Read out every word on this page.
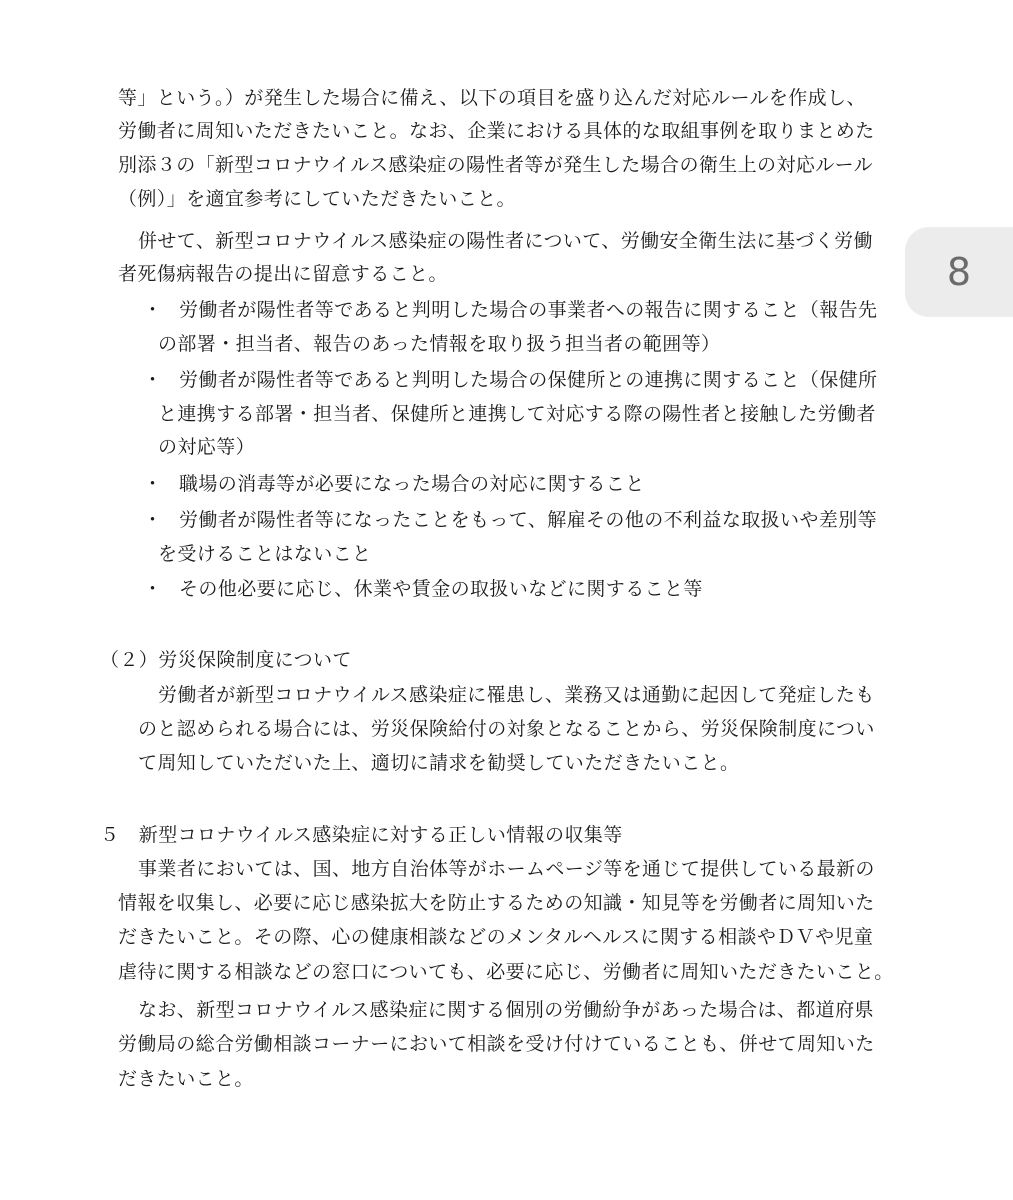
8
等」という。）が発生した場合に備え、以下の項目を盛り込んだ対応ルールを作成し、
労働者に周知いただきたいこと。なお、企業における具体的な取組事例を取りまとめた
別添３の「新型コロナウイルス感染症の陽性者等が発生した場合の衛生上の対応ルール
（例）」を適宜参考にしていただきたいこと。
併せて、新型コロナウイルス感染症の陽性者について、労働安全衛生法に基づく労働
者死傷病報告の提出に留意すること。
・ 労働者が陽性者等であると判明した場合の事業者への報告に関すること（報告先
の部署・担当者、報告のあった情報を取り扱う担当者の範囲等）
・ 労働者が陽性者等であると判明した場合の保健所との連携に関すること（保健所
と連携する部署・担当者、保健所と連携して対応する際の陽性者と接触した労働者
の対応等）
・ 職場の消毒等が必要になった場合の対応に関すること
・ 労働者が陽性者等になったことをもって、解雇その他の不利益な取扱いや差別等
を受けることはないこと
・ その他必要に応じ、休業や賃金の取扱いなどに関すること等
（２）労災保険制度について
労働者が新型コロナウイルス感染症に罹患し、業務又は通勤に起因して発症したも
のと認められる場合には、労災保険給付の対象となることから、労災保険制度につい
て周知していただいた上、適切に請求を勧奨していただきたいこと。
５　新型コロナウイルス感染症に対する正しい情報の収集等
事業者においては、国、地方自治体等がホームページ等を通じて提供している最新の
情報を収集し、必要に応じ感染拡大を防止するための知識・知見等を労働者に周知いた
だきたいこと。その際、心の健康相談などのメンタルヘルスに関する相談やＤＶや児童
虐待に関する相談などの窓口についても、必要に応じ、労働者に周知いただきたいこと。
なお、新型コロナウイルス感染症に関する個別の労働紛争があった場合は、都道府県
労働局の総合労働相談コーナーにおいて相談を受け付けていることも、併せて周知いた
だきたいこと。
